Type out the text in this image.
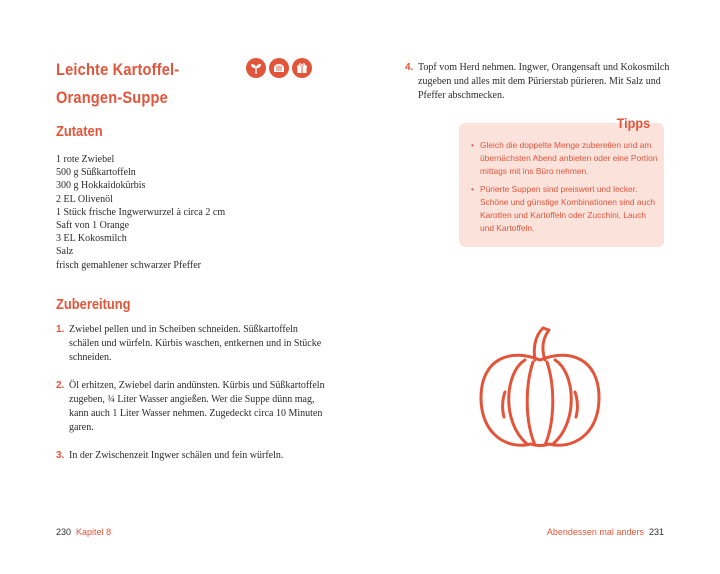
Leichte Kartoffel-
Orangen-Suppe
Zutaten
1 rote Zwiebel
500 g Süßkartoffeln
300 g Hokkaidokürbis
2 EL Olivenöl
1 Stück frische Ingwerwurzel à circa 2 cm
Saft von 1 Orange
3 EL Kokosmilch
Salz
frisch gemahlener schwarzer Pfeffer
Zubereitung
1. Zwiebel pellen und in Scheiben schneiden. Süßkartoffeln schälen und würfeln. Kürbis waschen, entkernen und in Stücke schneiden.
2. Öl erhitzen, Zwiebel darin andünsten. Kürbis und Süßkartoffeln zugeben, ¾ Liter Wasser angießen. Wer die Suppe dünn mag, kann auch 1 Liter Wasser nehmen. Zugedeckt circa 10 Minuten garen.
3. In der Zwischenzeit Ingwer schälen und fein würfeln.
230 Kapitel 8
4. Topf vom Herd nehmen. Ingwer, Orangensaft und Kokosmilch zugeben und alles mit dem Pürierstab pürieren. Mit Salz und Pfeffer abschmecken.
Tipps
• Gleich die doppelte Menge zubereiten und am übernächsten Abend anbieten oder eine Portion mittags mit ins Büro nehmen.
• Pürierte Suppen sind preiswert und lecker. Schöne und günstige Kombinationen sind auch Karotten und Kartoffeln oder Zucchini, Lauch und Kartoffeln.
Abendessen mal anders 231
